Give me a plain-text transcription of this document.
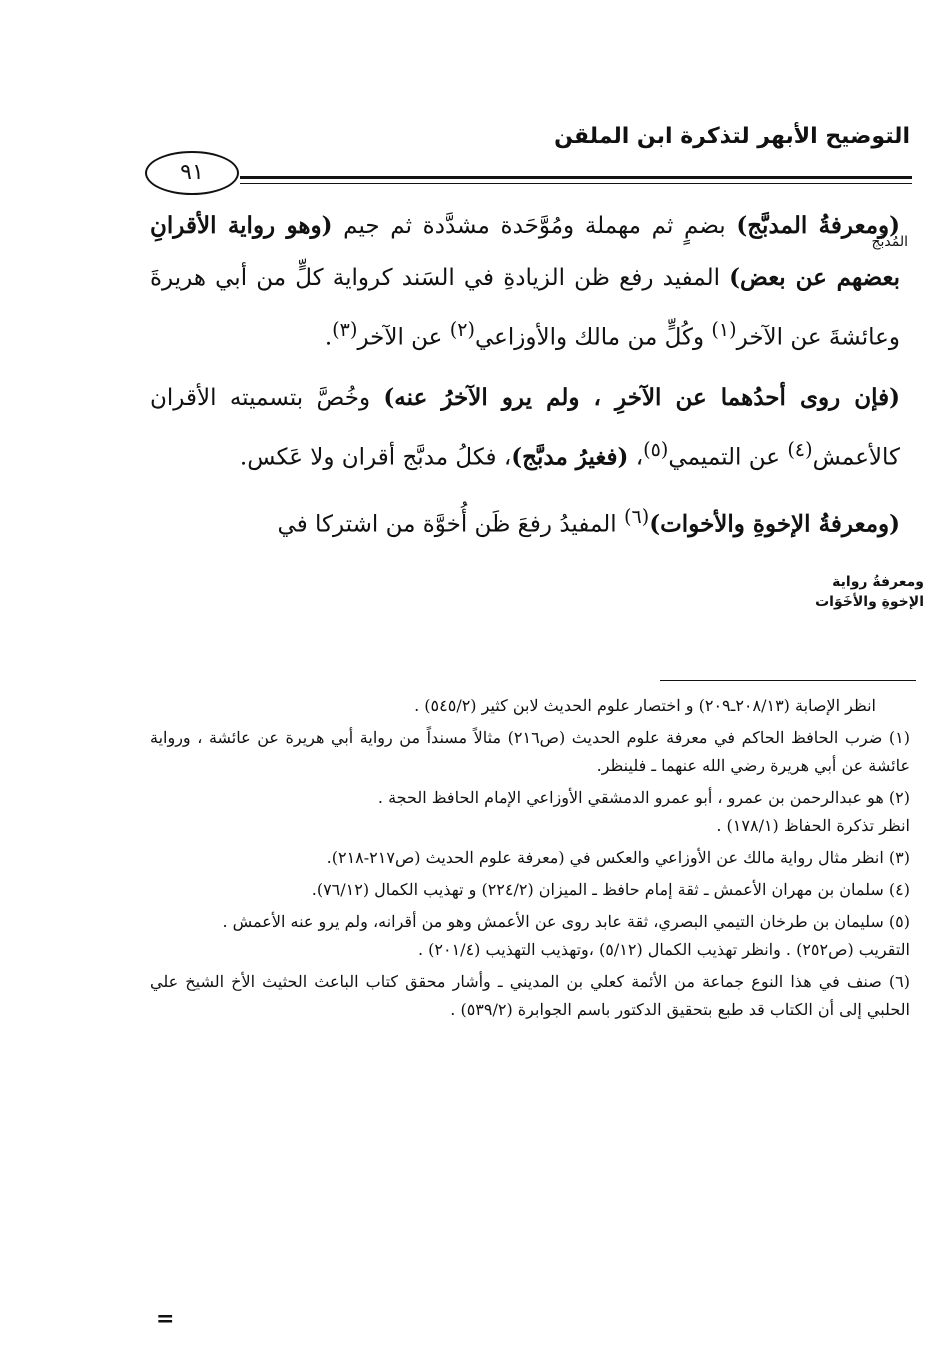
التوضيح الأبهر لتذكرة ابن الملقن
٩١
المُدبَّج
ومعرفةُ رواية الإخوةِ والأخَوَات

(ومعرفةُ المدبَّج) بضمٍ ثم مهملة ومُوَّحَدة مشدَّدة ثم جيم (وهو رواية الأقرانِ بعضهم عن بعض) المفيد رفع ظن الزيادةِ في السَند كرواية كلٍّ من أبي هريرةَ وعائشةَ عن الآخر$^{(١)}$ وكُلٍّ من مالك والأوزاعي$^{(٢)}$ عن الآخر$^{(٣)}$.

(فإن روى أحدُهما عن الآخرِ ، ولم يرو الآخرُ عنه) وخُصَّ بتسميته الأقران كالأعمش$^{(٤)}$ عن التميمي$^{(٥)}$، (فغيرُ مدبَّج)، فكلُ مدبَّج أقران ولا عَكس.

(ومعرفةُ الإخوةِ والأخوات)$^{(٦)}$ المفيدُ رفعَ ظَن أُخوَّة من اشتركا في

انظر الإصابة (٢٠٨/١٣ـ٢٠٩) و اختصار علوم الحديث لابن كثير (٥٤٥/٢) .

(١) ضرب الحافظ الحاكم في معرفة علوم الحديث (ص٢١٦) مثالاً مسنداً من رواية أبي هريرة عن عائشة ، ورواية عائشة عن أبي هريرة رضي الله عنهما ـ فلينظر.

(٢) هو عبدالرحمن بن عمرو ، أبو عمرو الدمشقي الأوزاعي الإمام الحافظ الحجة .

انظر تذكرة الحفاظ (١٧٨/١) .

(٣) انظر مثال رواية مالك عن الأوزاعي والعكس في (معرفة علوم الحديث (ص٢١٧-٢١٨).

(٤) سلمان بن مهران الأعمش ـ ثقة إمام حافظ ـ الميزان (٢٢٤/٢) و تهذيب الكمال (٧٦/١٢).

(٥) سليمان بن طرخان التيمي البصري، ثقة عابد روى عن الأعمش وهو من أقرانه، ولم يرو عنه الأعمش .

التقريب (ص٢٥٢) . وانظر تهذيب الكمال (٥/١٢) ،وتهذيب التهذيب (٢٠١/٤) .

(٦) صنف في هذا النوع جماعة من الأئمة كعلي بن المديني ـ وأشار محقق كتاب الباعث الحثيث الأخ الشيخ علي الحلبي إلى أن الكتاب قد طبع بتحقيق الدكتور باسم الجوابرة (٥٣٩/٢) .

=
